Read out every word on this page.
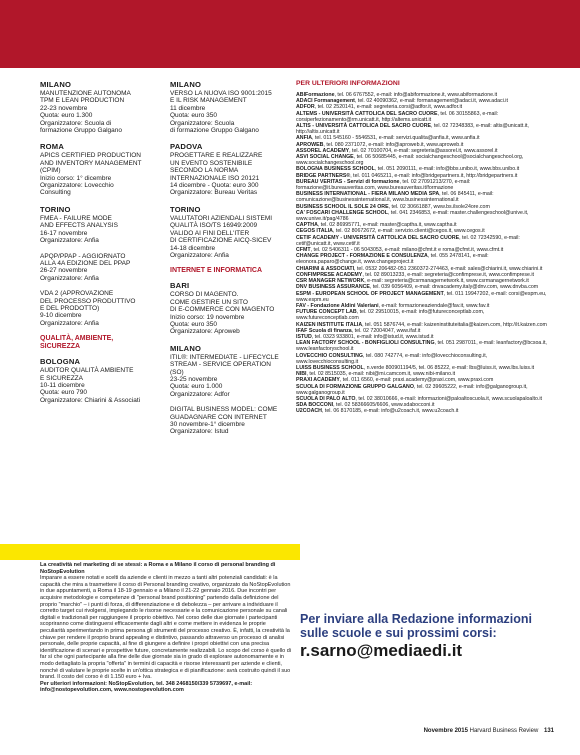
MILANO
MANUTENZIONE AUTONOMA
TPM E LEAN PRODUCTION
22-23 novembre
Quota: euro 1.300
Organizzatore: Scuola di
formazione Gruppo Galgano
ROMA
APICS CERTIFIED PRODUCTION
AND INVENTORY MANAGEMENT
(CPIM)
Inizio corso: 1° dicembre
Organizzatore: Lovecchio
Consulting
TORINO
FMEA - FAILURE MODE
AND EFFECTS ANALYSIS
16-17 novembre
Organizzatore: Anfia
APQP/PPAP - AGGIORNATO
ALLA 4A EDIZIONE DEL PPAP
26-27 novembre
Organizzatore: Anfia
VDA 2 (APPROVAZIONE
DEL PROCESSO PRODUTTIVO
E DEL PRODOTTO)
9-10 dicembre
Organizzatore: Anfia
QUALITÀ, AMBIENTE,
SICUREZZA
BOLOGNA
AUDITOR QUALITÀ AMBIENTE
E SICUREZZA
10-11 dicembre
Quota: euro 790
Organizzatore: Chiarini & Associati
MILANO
VERSO LA NUOVA ISO 9001:2015
E IL RISK MANAGEMENT
11 dicembre
Quota: euro 350
Organizzatore: Scuola
di formazione Gruppo Galgano
PADOVA
PROGETTARE E REALIZZARE
UN EVENTO SOSTENIBILE
SECONDO LA NORMA
INTERNAZIONALE ISO 20121
14 dicembre - Quota: euro 300
Organizzatore: Bureau Veritas
TORINO
VALUTATORI AZIENDALI SISTEMI
QUALITÀ ISO/TS 16949:2009
VALIDO AI FINI DELL'ITER
DI CERTIFICAZIONE AICQ-SICEV
14-18 dicembre
Organizzatore: Anfia
INTERNET E INFORMATICA
BARI
CORSO DI MAGENTO.
COME GESTIRE UN SITO
DI E-COMMERCE CON MAGENTO
Inizio corso: 19 novembre
Quota: euro 350
Organizzatore: Aproweb
MILANO
ITIL®: INTERMEDIATE - LIFECYCLE
STREAM - SERVICE OPERATION
(SO)
23-25 novembre
Quota: euro 1.000
Organizzatore: Adfor
DIGITAL BUSINESS MODEL: COME
GUADAGNARE CON INTERNET
30 novembre-1° dicembre
Organizzatore: Istud
PER ULTERIORI INFORMAZIONI
ABIFormazione, tel. 06 6767552, e-mail: info@abiformazione.it, www.abiformazione.it
ADACI Formanagement, tel. 02 40090362, e-mail: formanagement@adaci.it, www.adaci.it
ADFOR, tel. 02 2520141, e-mail: segreteria.corsi@adfor.it, www.adfor.it
ALTEMS - UNIVERSITÀ CATTOLICA DEL SACRO CUORE, tel. 06 30155863, e-mail: corsiperfezionamento@rm.unicatt.it, http://altems.unicatt.it
ALTIS - UNIVERSITÀ CATTOLICA DEL SACRO CUORE, tel. 02 72348383, e-mail: altis@unicatt.it, http://altis.unicatt.it
ANFIA, tel. 011 545160 - 5546531, e-mail: servizi.qualita@anfia.it, www.anfia.it
APROWEB, tel. 080 2371072, e-mail: info@aproweb.it, www.aproweb.it
ASSOREL ACADEMY, tel. 02 70100704, e-mail: segreteria@assorel.it, www.assorel.it
ASVI SOCIAL CHANGE, tel. 06 50685445, e-mail: socialchangeschool@socialchangeschool.org, www.socialchangeschool.org
BOLOGNA BUSINESS SCHOOL, tel. 051 2090111, e-mail: info@bbs.unibo.it, www.bbs.unibo.it
BRIDGE PARTNERS®, tel. 011 0465211, e-mail: info@bridgepartners.it, http://bridgepartners.it
BUREAU VERITAS - Servizi di formazione, tel. 02 27091213/270, e-mail: formazione@it.bureauveritas.com, www.bureauveritas.it/formazione
BUSINESS INTERNATIONAL - FIERA MILANO MEDIA SPA, tel. 06 845411, e-mail: comunicazione@businessinternational.it, www.businessinternational.it
BUSINESS SCHOOL IL SOLE 24 ORE, tel. 02 30661887, www.bs.ilsole24ore.com
CA' FOSCARI CHALLENGE SCHOOL, tel. 041 2346853, e-mail: master.challengeschool@unive.it, www.unive.it/pag/4786
CAPTHA, tel. 02 86995771, e-mail: master@captha.it, www.captha.it
CEGOS ITALIA, tel. 02 80672672, e-mail: servizio.clienti@cegos.it, www.cegos.it
CETIF ACADEMY - UNIVERSITÀ CATTOLICA DEL SACRO CUORE, tel. 02 72342590, e-mail: cetif@unicatt.it, www.cetif.it
CFMT, tel. 02 5406311 - 06 5043053, e-mail: milano@cfmt.it e roma@cfmt.it, www.cfmt.it
CHANGE PROJECT - FORMAZIONE E CONSULENZA, tel. 055 2478141, e-mail: eleonora.paparo@change.it, www.changeproject.it
CHIARINI & ASSOCIATI, tel. 0532 206482-051 2360372-274463, e-mail: sales@chiarini.it, www.chiarini.it
CONFIMPRESE ACADEMY, tel. 02 89013233, e-mail: segreteria@confimprese.it, www.confimprese.it
CSR MANAGER NETWORK, e-mail: segreteria@csrmanagernetwork.it, www.csrmanagernetwork.it
DNV BUSINESS ASSURANCE, tel. 039 6056409, e-mail: dnvacademy.italy@dnv.com, www.dnvba.com
ESPM - EUROPEAN SCHOOL OF PROJECT MANAGEMENT, tel. 011 19947202, e-mail: corsi@espm.eu, www.espm.eu
FAV - Fondazione Aldini Valeriani, e-mail: formazioneaziendale@fav.it, www.fav.it
FUTURE CONCEPT LAB, tel. 02 29510015, e-mail: info@futureconceptlab.com, www.futureconceptlab.com
KAIZEN INSTITUTE ITALIA, tel. 051 5876744, e-mail: kaizeninstituteitalia@kaizen.com, http://it.kaizen.com
IFAF Scuola di finanza, tel. 02 72004047, www.ifaf.it
ISTUD, tel. 0323 933801, e-mail: info@istud.it, www.istud.it
LEAN FACTORY SCHOOL - BONFIGLIOLI CONSULTING, tel. 051 2987011, e-mail: leanfactory@bcsoa.it, www.leanfactoryschool.it
LOVECCHIO CONSULTING, tel. 080 742774, e-mail: info@lovecchioconsulting.it, www.lovecchioconsulting.it
LUISS BUSINESS SCHOOL, n.verde 800901194/5, tel. 06 85222, e-mail: lbs@luiss.it, www.lbs.luiss.it
NIBI, tel. 02 8515035, e-mail: nibi@mi.camcom.it, www.nibi-milano.it
PRAXI ACADEMY, tel. 011 6560, e-mail: praxi.academy@praxi.com, www.praxi.com
SCUOLA DI FORMAZIONE GRUPPO GALGANO, tel. 02 39605222, e-mail: info@galganogroup.it, www.galganogroup.it
SCUOLA DI PALO ALTO, tel. 02 38010666, e-mail: informazioni@paloaltoscuola.it, www.scuolapaloalto.it
SDA BOCCONI, tel. 02 58366605/6606, www.sdabocconi.it
U2COACH, tel. 06 8170185, e-mail: info@u2coach.it, www.u2coach.it
La creatività nel marketing di se stessi: a Roma e a Milano il corso di personal branding di NoStopEvolution
Imparare a essere notati e scelti da aziende e clienti in mezzo a tanti altri potenziali candidati: è la capacità che mira a trasmettere il corso di Personal branding creativo, organizzato da NoStopEvolution in due appuntamenti, a Roma il 18-19 gennaio e a Milano il 21-22 gennaio 2016. Due incontri per acquisire metodologie e competenze di "personal brand positioning" partendo dalla definizione del proprio "marchio" – i punti di forza, di differenziazione e di debolezza – per arrivare a individuare il corretto target cui rivolgersi, impiegando le risorse necessarie e la comunicazione personale su canali digitali e tradizionali per raggiungere il proprio obiettivo. Nel corso delle due giornate i partecipanti scopriranno come distinguersi efficacemente dagli altri e come mettere in evidenza le proprie peculiarità sperimentando in prima persona gli strumenti del processo creativo. È, infatti, la creatività la chiave per rendere il proprio brand appealing e distintivo, passando attraverso un processo di analisi personale, delle proprie capacità, al fine di giungere a definire i propri obiettivi con una precisa identificazione di scenari e prospettive future, concretamente realizzabili. Lo scopo del corso è quello di far sì che ogni partecipante alla fine delle due giornate sia in grado di esplorare autonomamente e in modo dettagliato la propria "offerta" in termini di capacità e risorse interessanti per aziende e clienti, nonché di valutare le proprie scelte in un'ottica strategica e di pianificazione: avrà costruito quindi il suo brand. Il costo del corso è di 1.150 euro + Iva.
Per ulteriori informazioni: NoStopEvolution, tel. 348 2468150/339 5739697, e-mail: info@nostopevolution.com, www.nostopevolution.com
Per inviare alla Redazione informazioni sulle scuole e sui prossimi corsi:
r.sarno@mediaedi.it
Novembre 2015 Harvard Business Review 131
